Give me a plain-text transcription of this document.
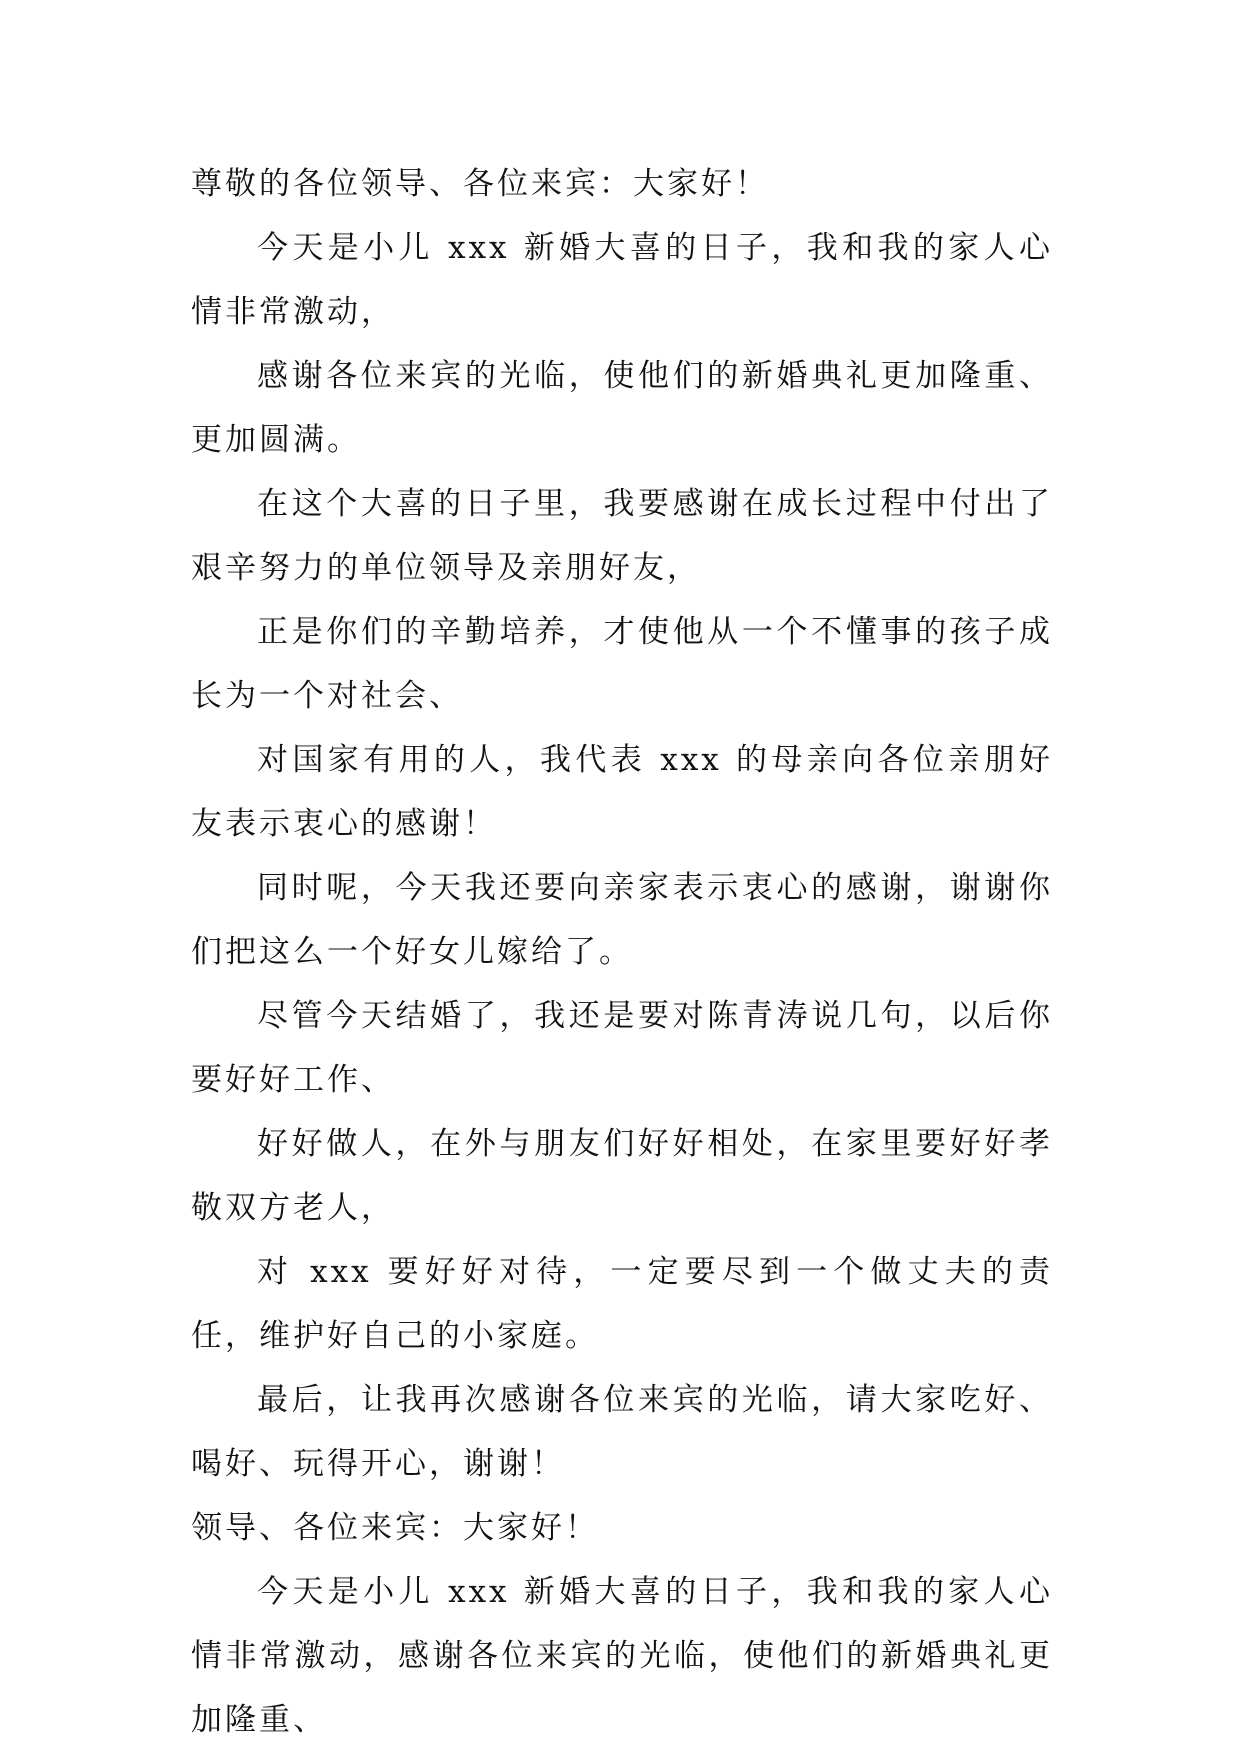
尊敬的各位领导、各位来宾：大家好！

今天是小儿 xxx 新婚大喜的日子，我和我的家人心情非常激动，

感谢各位来宾的光临，使他们的新婚典礼更加隆重、更加圆满。

在这个大喜的日子里，我要感谢在成长过程中付出了艰辛努力的单位领导及亲朋好友，

正是你们的辛勤培养，才使他从一个不懂事的孩子成长为一个对社会、

对国家有用的人，我代表 xxx 的母亲向各位亲朋好友表示衷心的感谢！

同时呢，今天我还要向亲家表示衷心的感谢，谢谢你们把这么一个好女儿嫁给了。

尽管今天结婚了，我还是要对陈青涛说几句，以后你要好好工作、

好好做人，在外与朋友们好好相处，在家里要好好孝敬双方老人，

对 xxx 要好好对待，一定要尽到一个做丈夫的责任，维护好自己的小家庭。

最后，让我再次感谢各位来宾的光临，请大家吃好、喝好、玩得开心，谢谢！

领导、各位来宾：大家好！

今天是小儿 xxx 新婚大喜的日子，我和我的家人心情非常激动，感谢各位来宾的光临，使他们的新婚典礼更加隆重、
